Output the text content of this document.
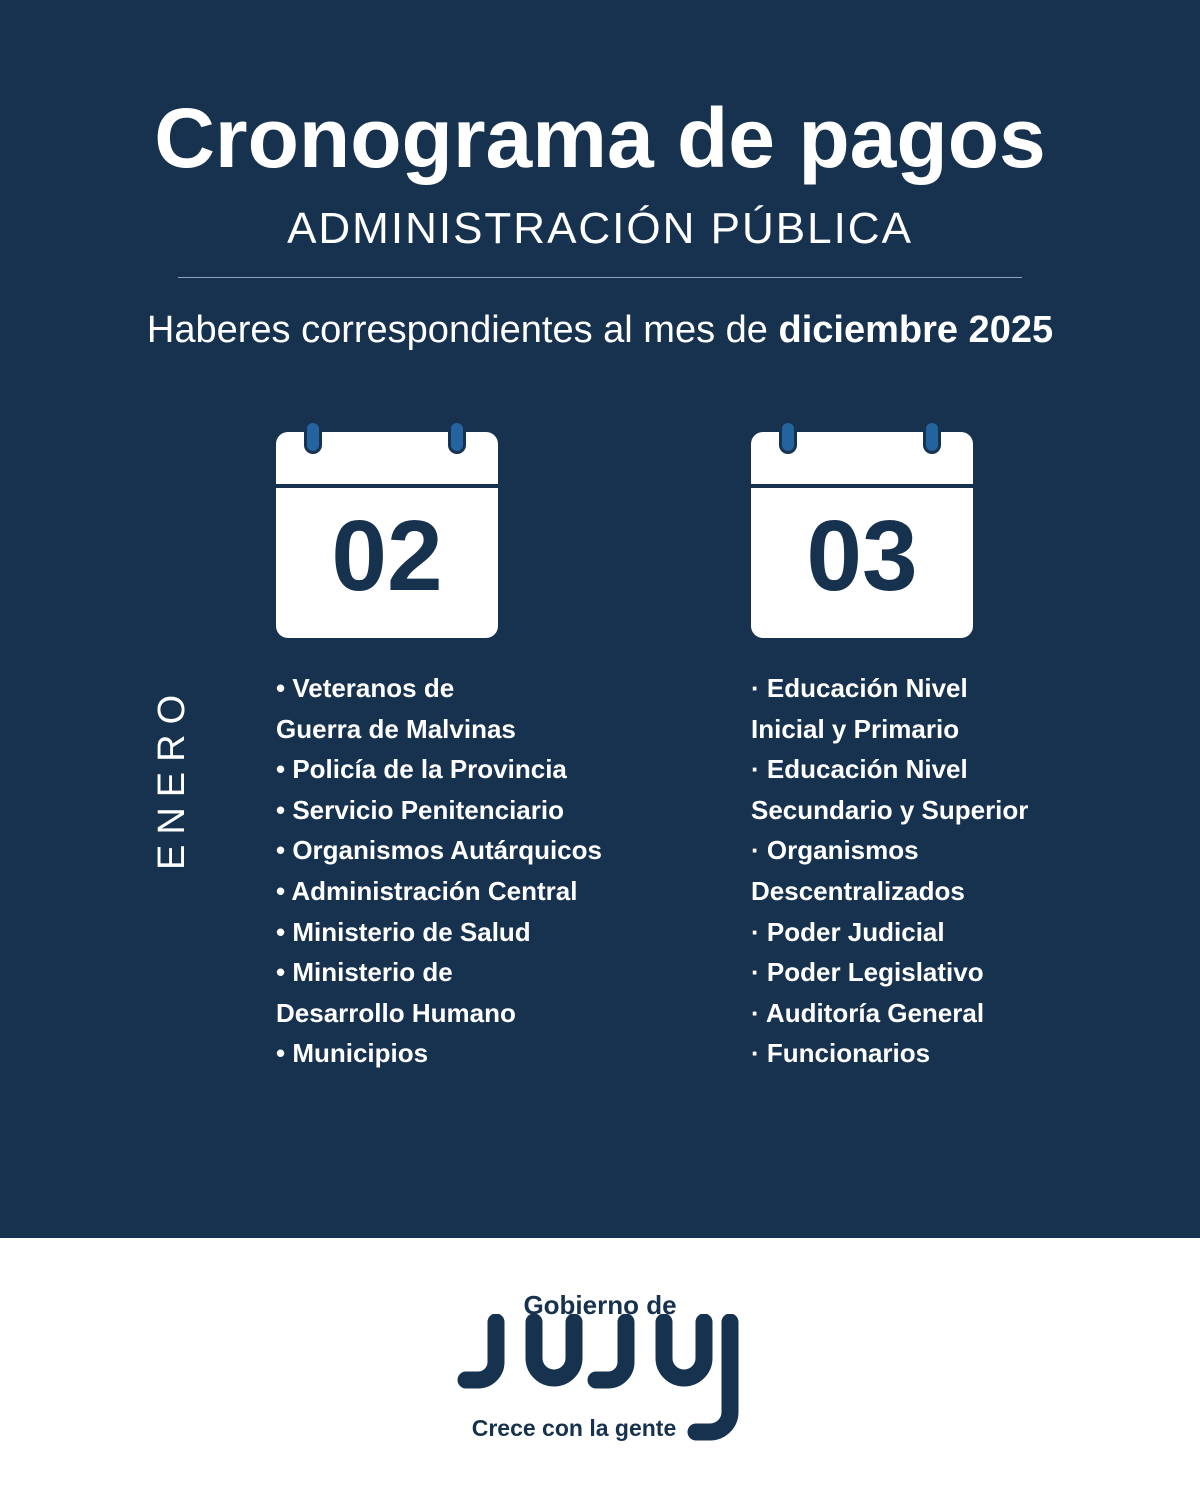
Cronograma de pagos
ADMINISTRACIÓN PÚBLICA
Haberes correspondientes al mes de diciembre 2025
ENERO
02	03
• Veteranos de
Guerra de Malvinas
• Policía de la Provincia
• Servicio Penitenciario
• Organismos Autárquicos
• Administración Central
• Ministerio de Salud
• Ministerio de
Desarrollo Humano
• Municipios
· Educación Nivel
Inicial y Primario
· Educación Nivel
Secundario y Superior
· Organismos
Descentralizados
· Poder Judicial
· Poder Legislativo
· Auditoría General
· Funcionarios
Gobierno de
Crece con la gente
